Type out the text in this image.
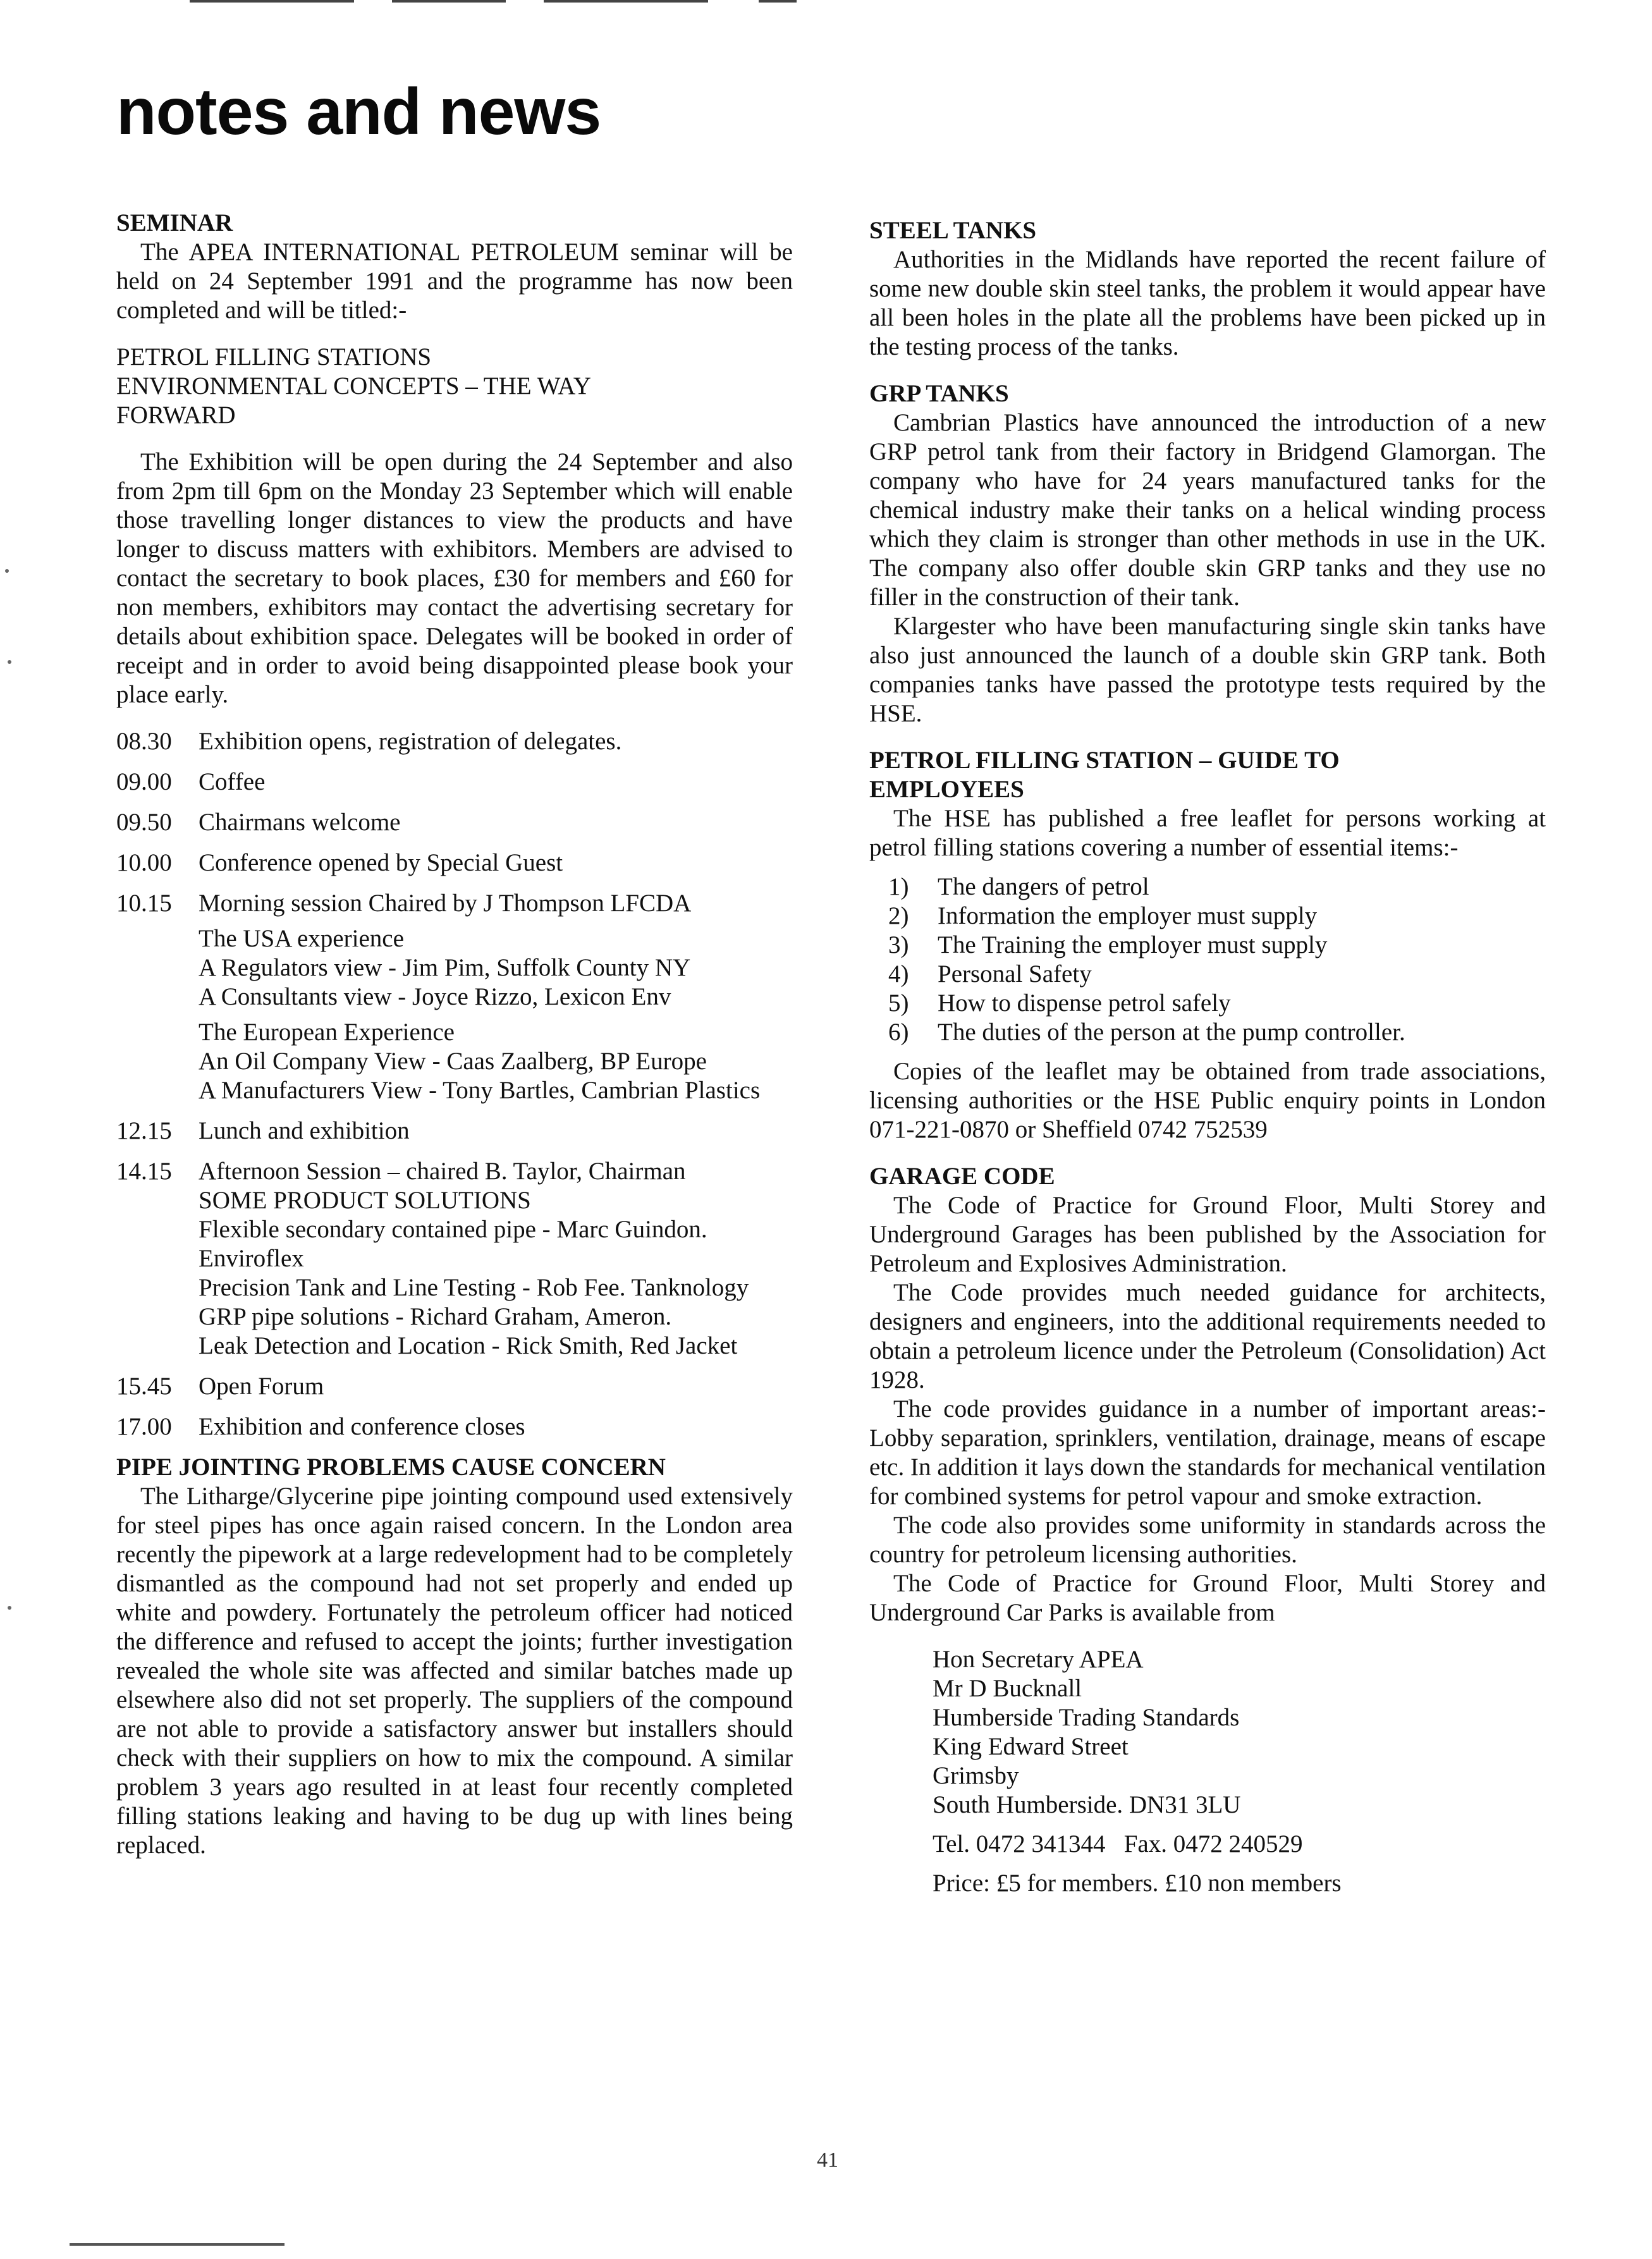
notes and news
SEMINAR

The APEA INTERNATIONAL PETROLEUM seminar will be held on 24 September 1991 and the programme has now been completed and will be titled:-

PETROL FILLING STATIONS

ENVIRONMENTAL CONCEPTS – THE WAY

FORWARD

The Exhibition will be open during the 24 September and also from 2pm till 6pm on the Monday 23 September which will enable those travelling longer distances to view the products and have longer to discuss matters with exhibitors. Members are advised to contact the secretary to book places, £30 for members and £60 for non members, exhibitors may contact the advertising secretary for details about exhibition space. Delegates will be booked in order of receipt and in order to avoid being disappointed please book your place early.

08.30	Exhibition opens, registration of delegates.
09.00	Coffee
09.50	Chairmans welcome
10.00	Conference opened by Special Guest
10.15	Morning session Chaired by J Thompson LFCDA
The USA experience
A Regulators view - Jim Pim, Suffolk County NY
A Consultants view - Joyce Rizzo, Lexicon Env
The European Experience
An Oil Company View - Caas Zaalberg, BP Europe
A Manufacturers View - Tony Bartles, Cambrian Plastics
12.15	Lunch and exhibition
14.15	Afternoon Session – chaired B. Taylor, Chairman
SOME PRODUCT SOLUTIONS
Flexible secondary contained pipe - Marc Guindon. Enviroflex
Precision Tank and Line Testing - Rob Fee. Tanknology
GRP pipe solutions - Richard Graham, Ameron.
Leak Detection and Location - Rick Smith, Red Jacket
15.45	Open Forum
17.00	Exhibition and conference closes
PIPE JOINTING PROBLEMS CAUSE CONCERN

The Litharge/Glycerine pipe jointing compound used extensively for steel pipes has once again raised concern. In the London area recently the pipework at a large redevelopment had to be completely dismantled as the compound had not set properly and ended up white and powdery. Fortunately the petroleum officer had noticed the difference and refused to accept the joints; further investigation revealed the whole site was affected and similar batches made up elsewhere also did not set properly. The suppliers of the compound are not able to provide a satisfactory answer but installers should check with their suppliers on how to mix the compound. A similar problem 3 years ago resulted in at least four recently completed filling stations leaking and having to be dug up with lines being replaced.

STEEL TANKS

Authorities in the Midlands have reported the recent failure of some new double skin steel tanks, the problem it would appear have all been holes in the plate all the problems have been picked up in the testing process of the tanks.

GRP TANKS

Cambrian Plastics have announced the introduction of a new GRP petrol tank from their factory in Bridgend Glamorgan. The company who have for 24 years manufactured tanks for the chemical industry make their tanks on a helical winding process which they claim is stronger than other methods in use in the UK. The company also offer double skin GRP tanks and they use no filler in the construction of their tank.

Klargester who have been manufacturing single skin tanks have also just announced the launch of a double skin GRP tank. Both companies tanks have passed the prototype tests required by the HSE.

PETROL FILLING STATION – GUIDE TO
EMPLOYEES

The HSE has published a free leaflet for persons working at petrol filling stations covering a number of essential items:-

1)	The dangers of petrol
2)	Information the employer must supply
3)	The Training the employer must supply
4)	Personal Safety
5)	How to dispense petrol safely
6)	The duties of the person at the pump controller.

Copies of the leaflet may be obtained from trade associations, licensing authorities or the HSE Public enquiry points in London 071-221-0870 or Sheffield 0742 752539

GARAGE CODE

The Code of Practice for Ground Floor, Multi Storey and Underground Garages has been published by the Association for Petroleum and Explosives Administration.

The Code provides much needed guidance for architects, designers and engineers, into the additional requirements needed to obtain a petroleum licence under the Petroleum (Consolidation) Act 1928.

The code provides guidance in a number of important areas:- Lobby separation, sprinklers, ventilation, drainage, means of escape etc. In addition it lays down the standards for mechanical ventilation for combined systems for petrol vapour and smoke extraction.

The code also provides some uniformity in standards across the country for petroleum licensing authorities.

The Code of Practice for Ground Floor, Multi Storey and Underground Car Parks is available from

Hon Secretary APEA

Mr D Bucknall

Humberside Trading Standards

King Edward Street

Grimsby

South Humberside. DN31 3LU

Tel. 0472 341344   Fax. 0472 240529

Price: £5 for members. £10 non members

41
